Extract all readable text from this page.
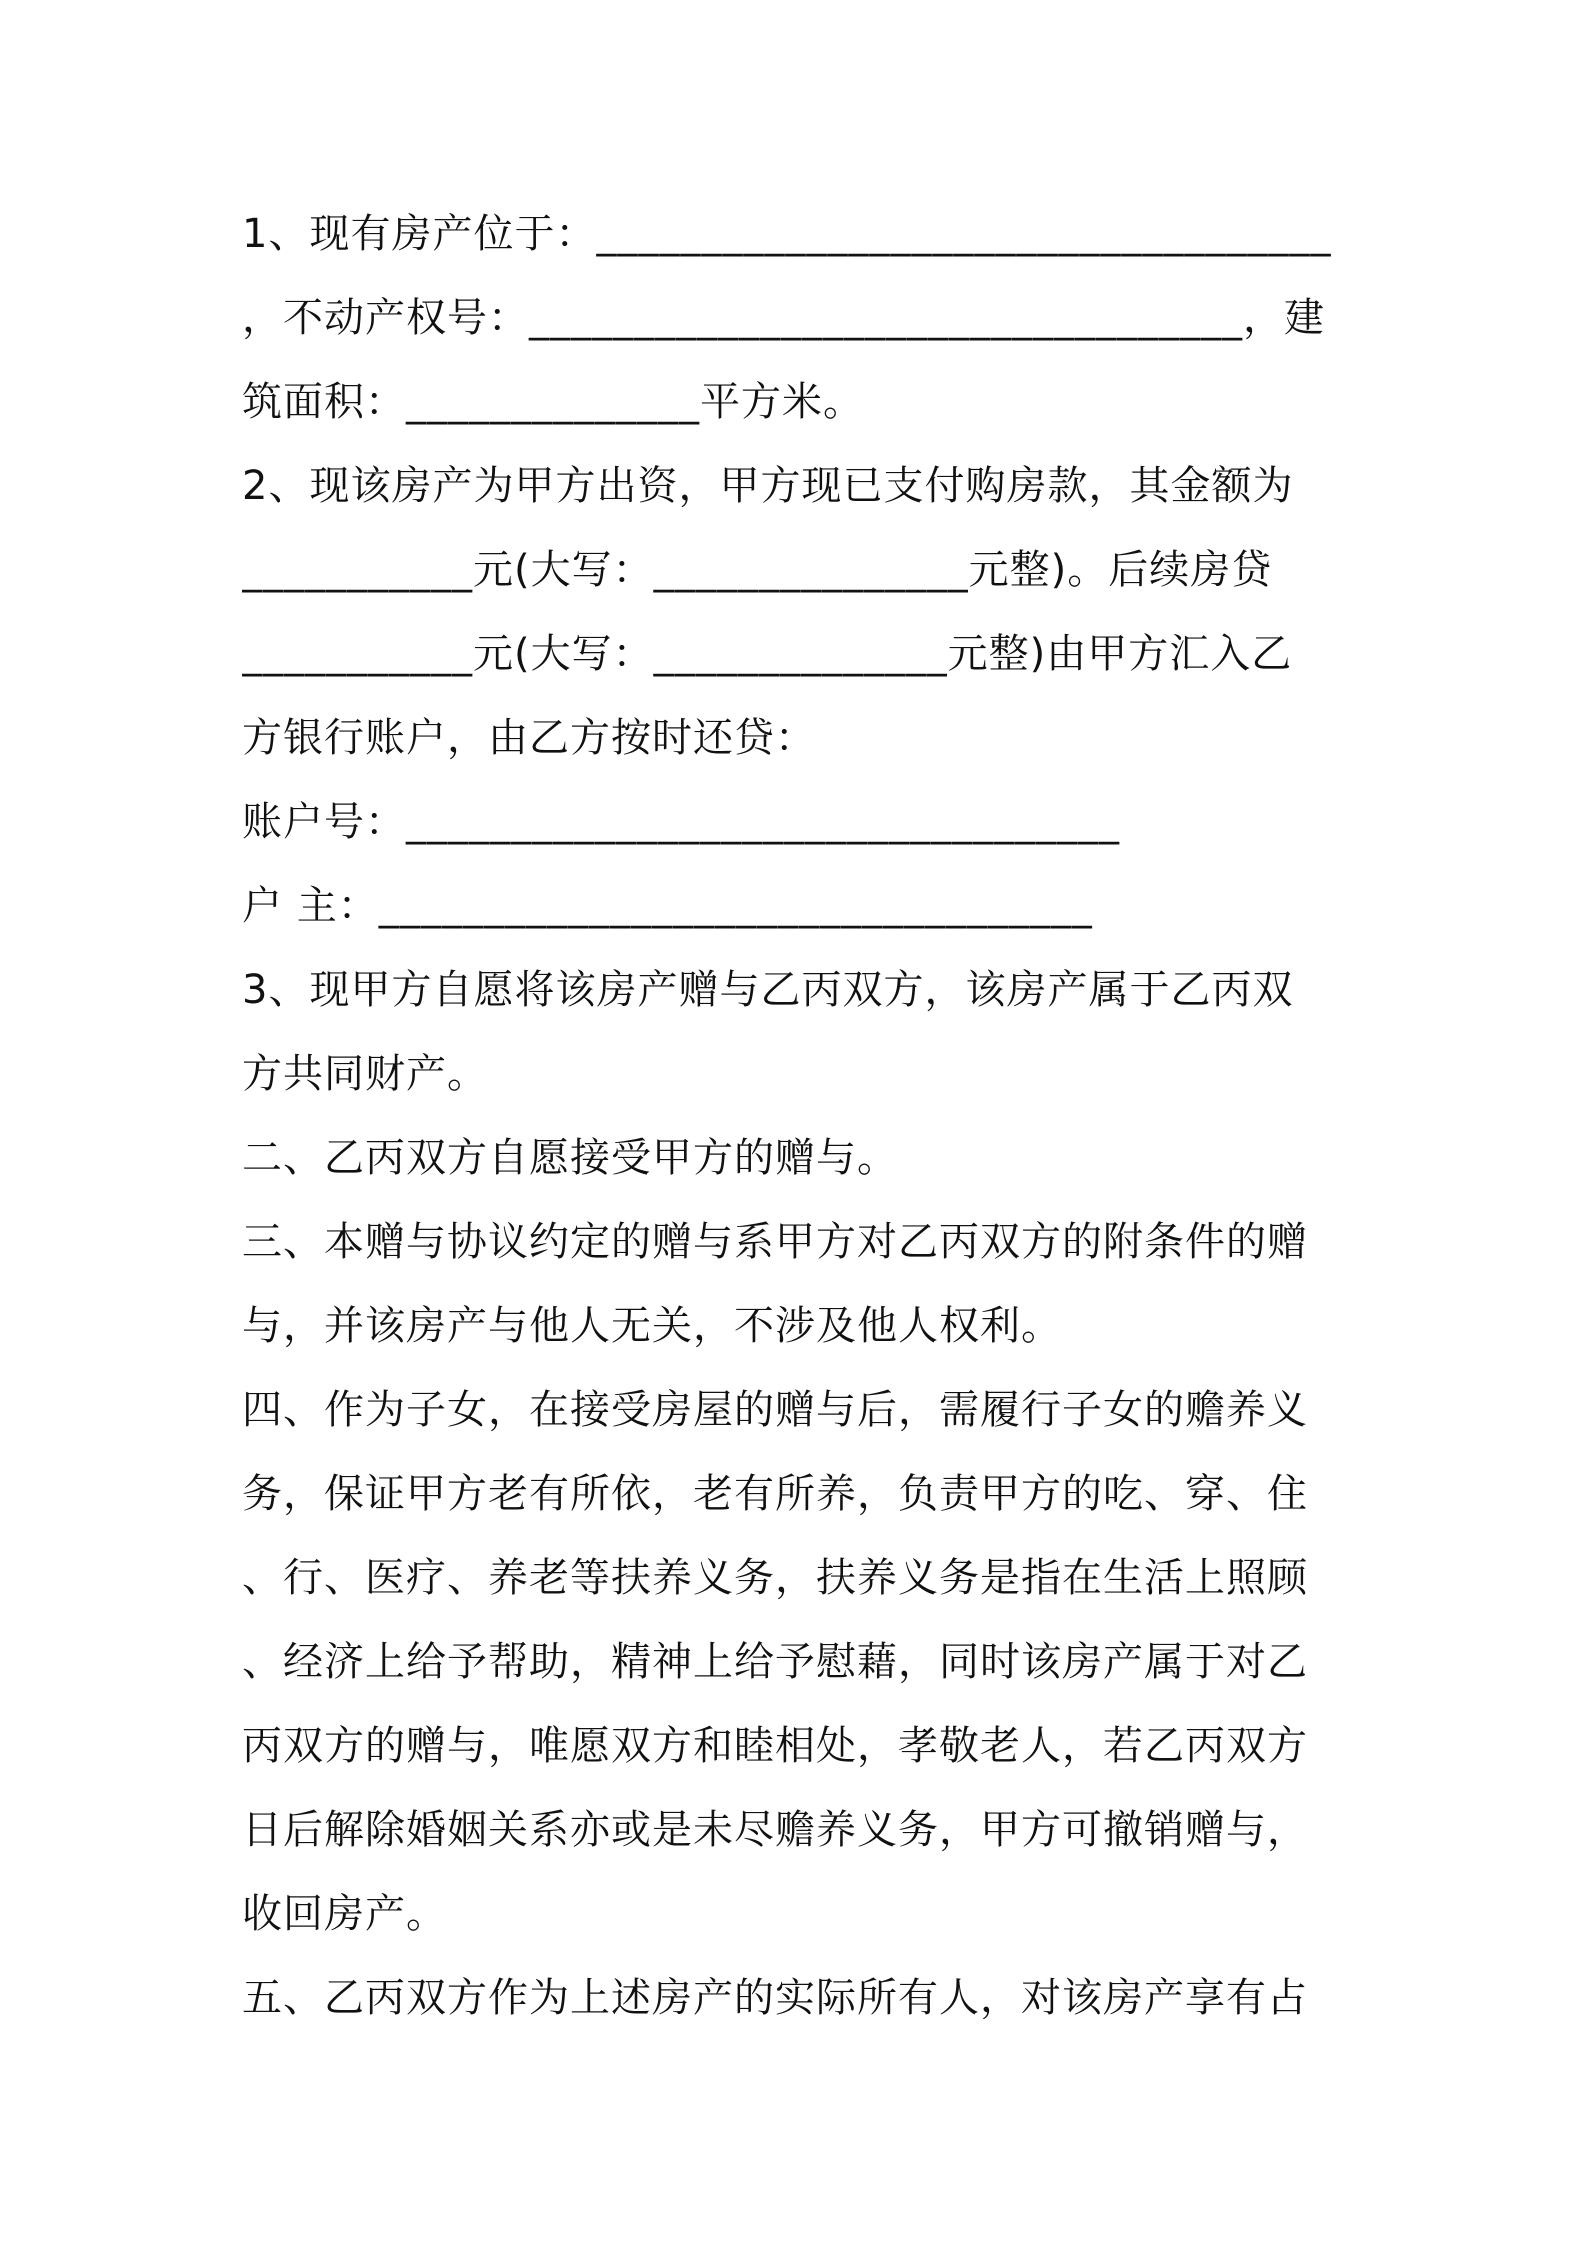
1、现有房产位于：___________________________________
，不动产权号：__________________________________，建
筑面积：______________平方米。
2、现该房产为甲方出资，甲方现已支付购房款，其金额为
___________元(大写：_______________元整)。后续房贷
___________元(大写：______________元整)由甲方汇入乙
方银行账户，由乙方按时还贷：
账户号：__________________________________
户 主：__________________________________
3、现甲方自愿将该房产赠与乙丙双方，该房产属于乙丙双
方共同财产。
二、乙丙双方自愿接受甲方的赠与。
三、本赠与协议约定的赠与系甲方对乙丙双方的附条件的赠
与，并该房产与他人无关，不涉及他人权利。
四、作为子女，在接受房屋的赠与后，需履行子女的赡养义
务，保证甲方老有所依，老有所养，负责甲方的吃、穿、住
、行、医疗、养老等扶养义务，扶养义务是指在生活上照顾
、经济上给予帮助，精神上给予慰藉，同时该房产属于对乙
丙双方的赠与，唯愿双方和睦相处，孝敬老人，若乙丙双方
日后解除婚姻关系亦或是未尽赡养义务，甲方可撤销赠与，
收回房产。
五、乙丙双方作为上述房产的实际所有人，对该房产享有占
